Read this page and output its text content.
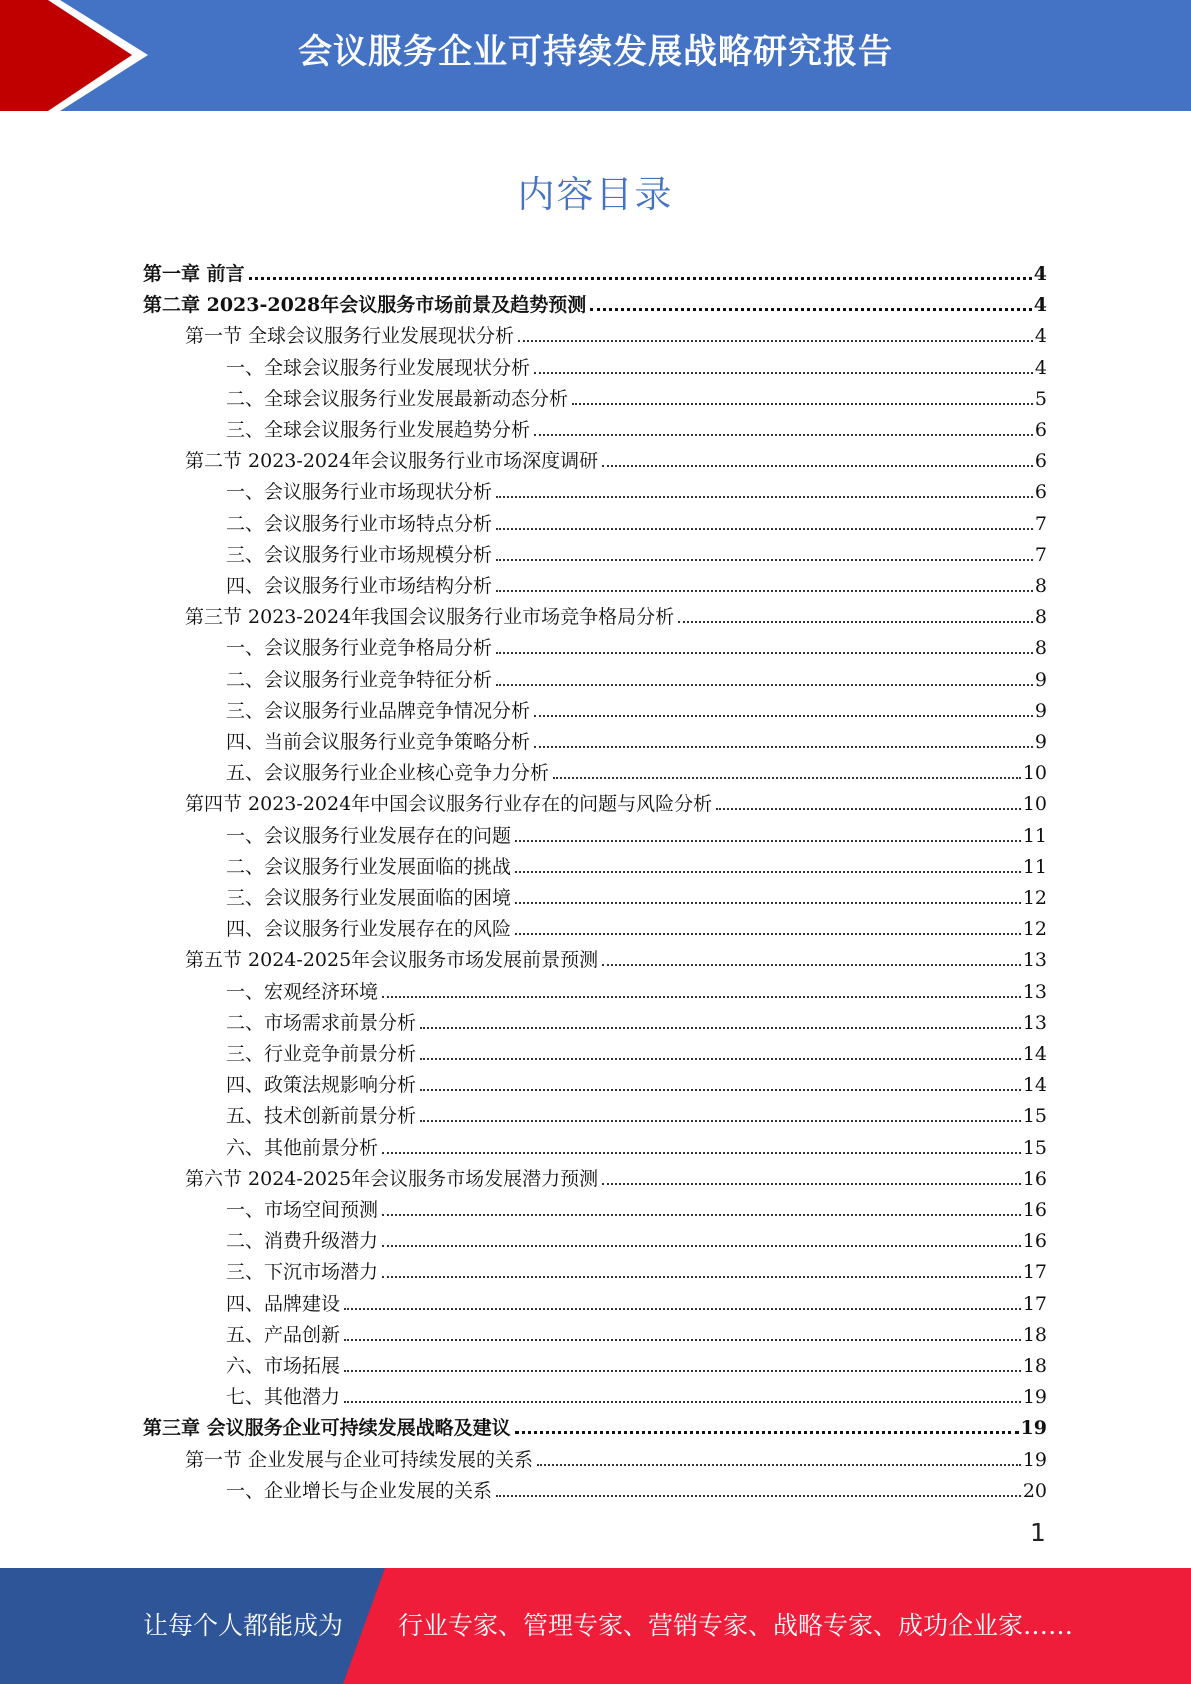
会议服务企业可持续发展战略研究报告
内容目录
第一章 前言	4
第二章 2023-2028年会议服务市场前景及趋势预测	4
第一节 全球会议服务行业发展现状分析	4
一、全球会议服务行业发展现状分析	4
二、全球会议服务行业发展最新动态分析	5
三、全球会议服务行业发展趋势分析	6
第二节 2023-2024年会议服务行业市场深度调研	6
一、会议服务行业市场现状分析	6
二、会议服务行业市场特点分析	7
三、会议服务行业市场规模分析	7
四、会议服务行业市场结构分析	8
第三节 2023-2024年我国会议服务行业市场竞争格局分析	8
一、会议服务行业竞争格局分析	8
二、会议服务行业竞争特征分析	9
三、会议服务行业品牌竞争情况分析	9
四、当前会议服务行业竞争策略分析	9
五、会议服务行业企业核心竞争力分析	10
第四节 2023-2024年中国会议服务行业存在的问题与风险分析	10
一、会议服务行业发展存在的问题	11
二、会议服务行业发展面临的挑战	11
三、会议服务行业发展面临的困境	12
四、会议服务行业发展存在的风险	12
第五节 2024-2025年会议服务市场发展前景预测	13
一、宏观经济环境	13
二、市场需求前景分析	13
三、行业竞争前景分析	14
四、政策法规影响分析	14
五、技术创新前景分析	15
六、其他前景分析	15
第六节 2024-2025年会议服务市场发展潜力预测	16
一、市场空间预测	16
二、消费升级潜力	16
三、下沉市场潜力	17
四、品牌建设	17
五、产品创新	18
六、市场拓展	18
七、其他潜力	19
第三章 会议服务企业可持续发展战略及建议	19
第一节 企业发展与企业可持续发展的关系	19
一、企业增长与企业发展的关系	20
1
让每个人都能成为 行业专家、管理专家、营销专家、战略专家、成功企业家……
